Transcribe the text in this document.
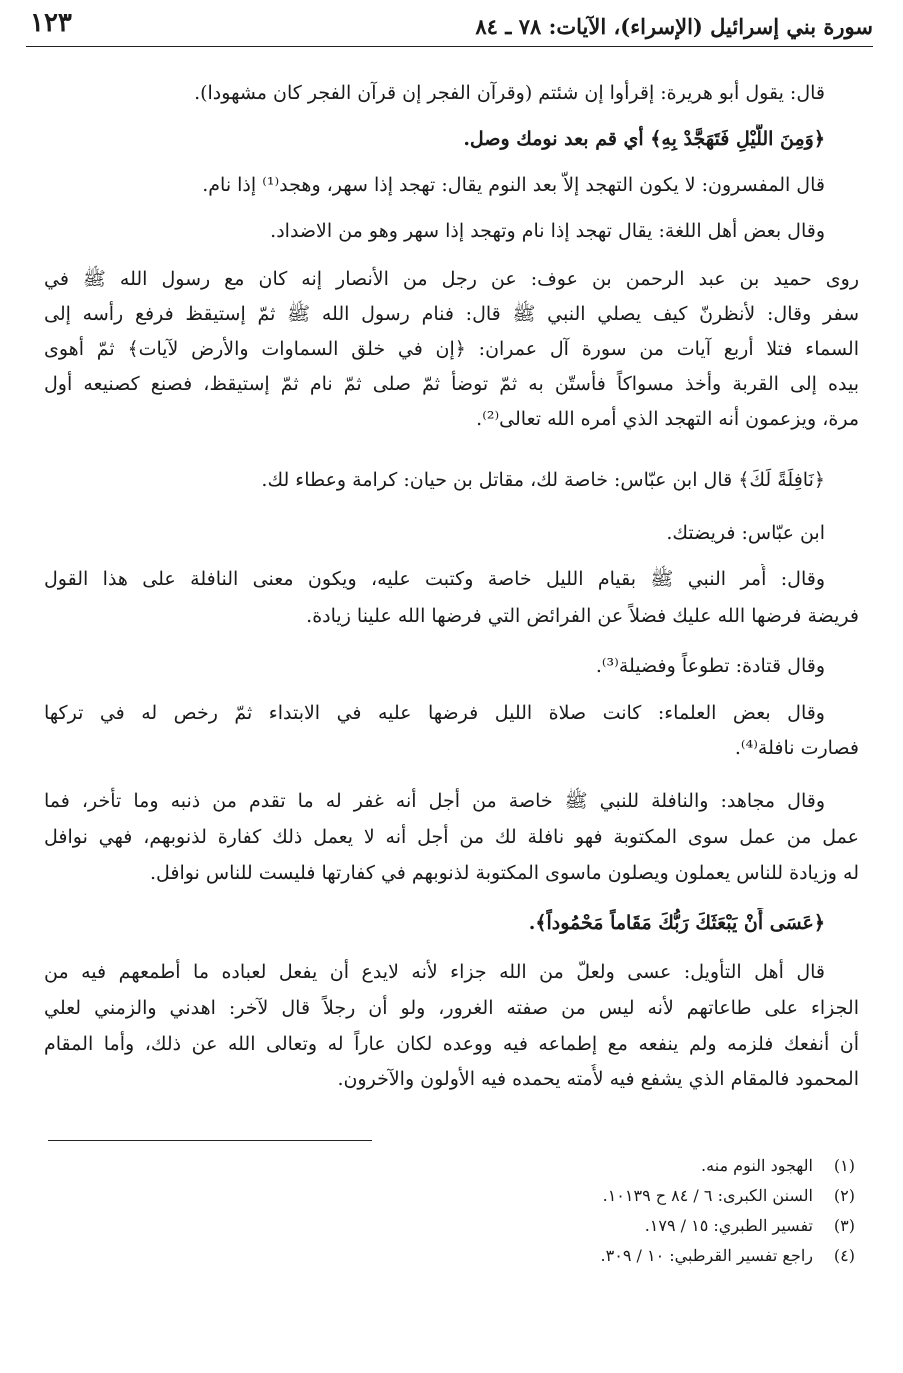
سورة بني إسرائيل (الإسراء)، الآيات: ٧٨ ـ ٨٤
١٢٣
قال: يقول أبو هريرة: إقرأوا إن شئتم (وقرآن الفجر إن قرآن الفجر كان مشهودا).
﴿وَمِنَ اللَّيْلِ فَتَهَجَّدْ بِهِ﴾ أي قم بعد نومك وصل.
قال المفسرون: لا يكون التهجد إلاّ بعد النوم يقال: تهجد إذا سهر، وهجد⁽¹⁾ إذا نام.
وقال بعض أهل اللغة: يقال تهجد إذا نام وتهجد إذا سهر وهو من الاضداد.
روى حميد بن عبد الرحمن بن عوف: عن رجل من الأنصار إنه كان مع رسول الله ﷺ في
سفر وقال: لأنظرنّ كيف يصلي النبي ﷺ قال: فنام رسول الله ﷺ ثمّ إستيقظ فرفع رأسه إلى
السماء فتلا أربع آيات من سورة آل عمران: ﴿إن في خلق السماوات والأرض لآيات﴾ ثمّ أهوى
بيده إلى القربة وأخذ مسواكاً فأستّن به ثمّ توضأ ثمّ صلى ثمّ نام ثمّ إستيقظ، فصنع كصنيعه أول
مرة، ويزعمون أنه التهجد الذي أمره الله تعالى⁽²⁾.
﴿نَافِلَةً لَكَ﴾ قال ابن عبّاس: خاصة لك، مقاتل بن حيان: كرامة وعطاء لك.
ابن عبّاس: فريضتك.
وقال: أُمر النبي ﷺ بقيام الليل خاصة وكتبت عليه، ويكون معنى النافلة على هذا القول
فريضة فرضها الله عليك فضلاً عن الفرائض التي فرضها الله علينا زيادة.
وقال قتادة: تطوعاً وفضيلة⁽³⁾.
وقال بعض العلماء: كانت صلاة الليل فرضها عليه في الابتداء ثمّ رخص له في تركها
فصارت نافلة⁽⁴⁾.
وقال مجاهد: والنافلة للنبي ﷺ خاصة من أجل أنه غفر له ما تقدم من ذنبه وما تأخر، فما
عمل من عمل سوى المكتوبة فهو نافلة لك من أجل أنه لا يعمل ذلك كفارة لذنوبهم، فهي نوافل
له وزيادة للناس يعملون ويصلون ماسوى المكتوبة لذنوبهم في كفارتها فليست للناس نوافل.
﴿عَسَى أَنْ يَبْعَثَكَ رَبُّكَ مَقَاماً مَحْمُوداً﴾.
قال أهل التأويل: عسى ولعلّ من الله جزاء لأنه لايدع أن يفعل لعباده ما أطمعهم فيه من
الجزاء على طاعاتهم لأنه ليس من صفته الغرور، ولو أن رجلاً قال لآخر: اهدني والزمني لعلي
أن أنفعك فلزمه ولم ينفعه مع إطماعه فيه ووعده لكان عاراً له وتعالى الله عن ذلك، وأما المقام
المحمود فالمقام الذي يشفع فيه لأُمته يحمده فيه الأولون والآخرون.
(١)الهجود النوم منه.
(٢)السنن الكبرى: ٦ / ٨٤ ح ١٠١٣٩.
(٣)تفسير الطبري: ١٥ / ١٧٩.
(٤)راجع تفسير القرطبي: ١٠ / ٣٠٩.
